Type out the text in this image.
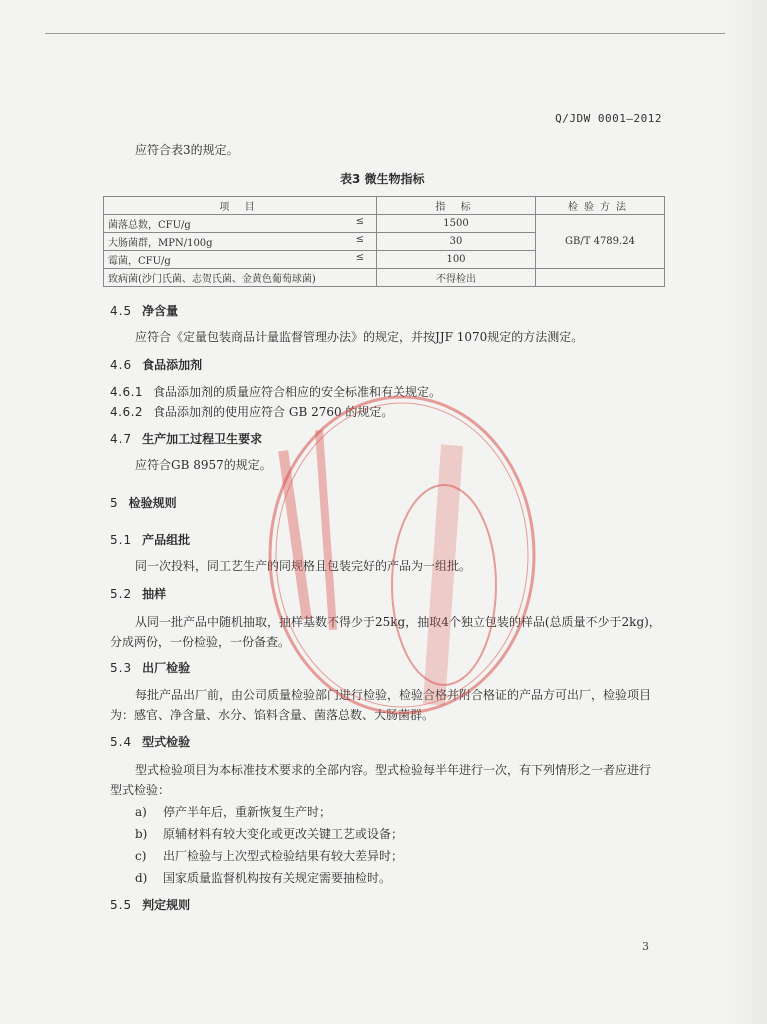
Q/JDW 0001—2012
应符合表3的规定。
表3 微生物指标
项 目	指 标	检验方法
菌落总数，CFU/g ≤	1500	GB/T 4789.24
大肠菌群，MPN/100g ≤	30	
霉菌，CFU/g ≤	100	
致病菌(沙门氏菌、志贺氏菌、金黄色葡萄球菌)	不得检出	
4.5 净含量
应符合《定量包装商品计量监督管理办法》的规定，并按JJF 1070规定的方法测定。
4.6 食品添加剂
4.6.1 食品添加剂的质量应符合相应的安全标准和有关规定。
4.6.2 食品添加剂的使用应符合 GB 2760 的规定。
4.7 生产加工过程卫生要求
应符合GB 8957的规定。
5 检验规则
5.1 产品组批
同一次投料，同工艺生产的同规格且包装完好的产品为一组批。
5.2 抽样
从同一批产品中随机抽取，抽样基数不得少于25kg，抽取4个独立包装的样品(总质量不少于2kg)，
分成两份，一份检验，一份备查。
5.3 出厂检验
每批产品出厂前，由公司质量检验部门进行检验，检验合格并附合格证的产品方可出厂，检验项目
为：感官、净含量、水分、馅料含量、菌落总数、大肠菌群。
5.4 型式检验
型式检验项目为本标准技术要求的全部内容。型式检验每半年进行一次，有下列情形之一者应进行
型式检验：
a) 停产半年后，重新恢复生产时；
b) 原辅材料有较大变化或更改关键工艺或设备；
c) 出厂检验与上次型式检验结果有较大差异时；
d) 国家质量监督机构按有关规定需要抽检时。
5.5 判定规则
3
